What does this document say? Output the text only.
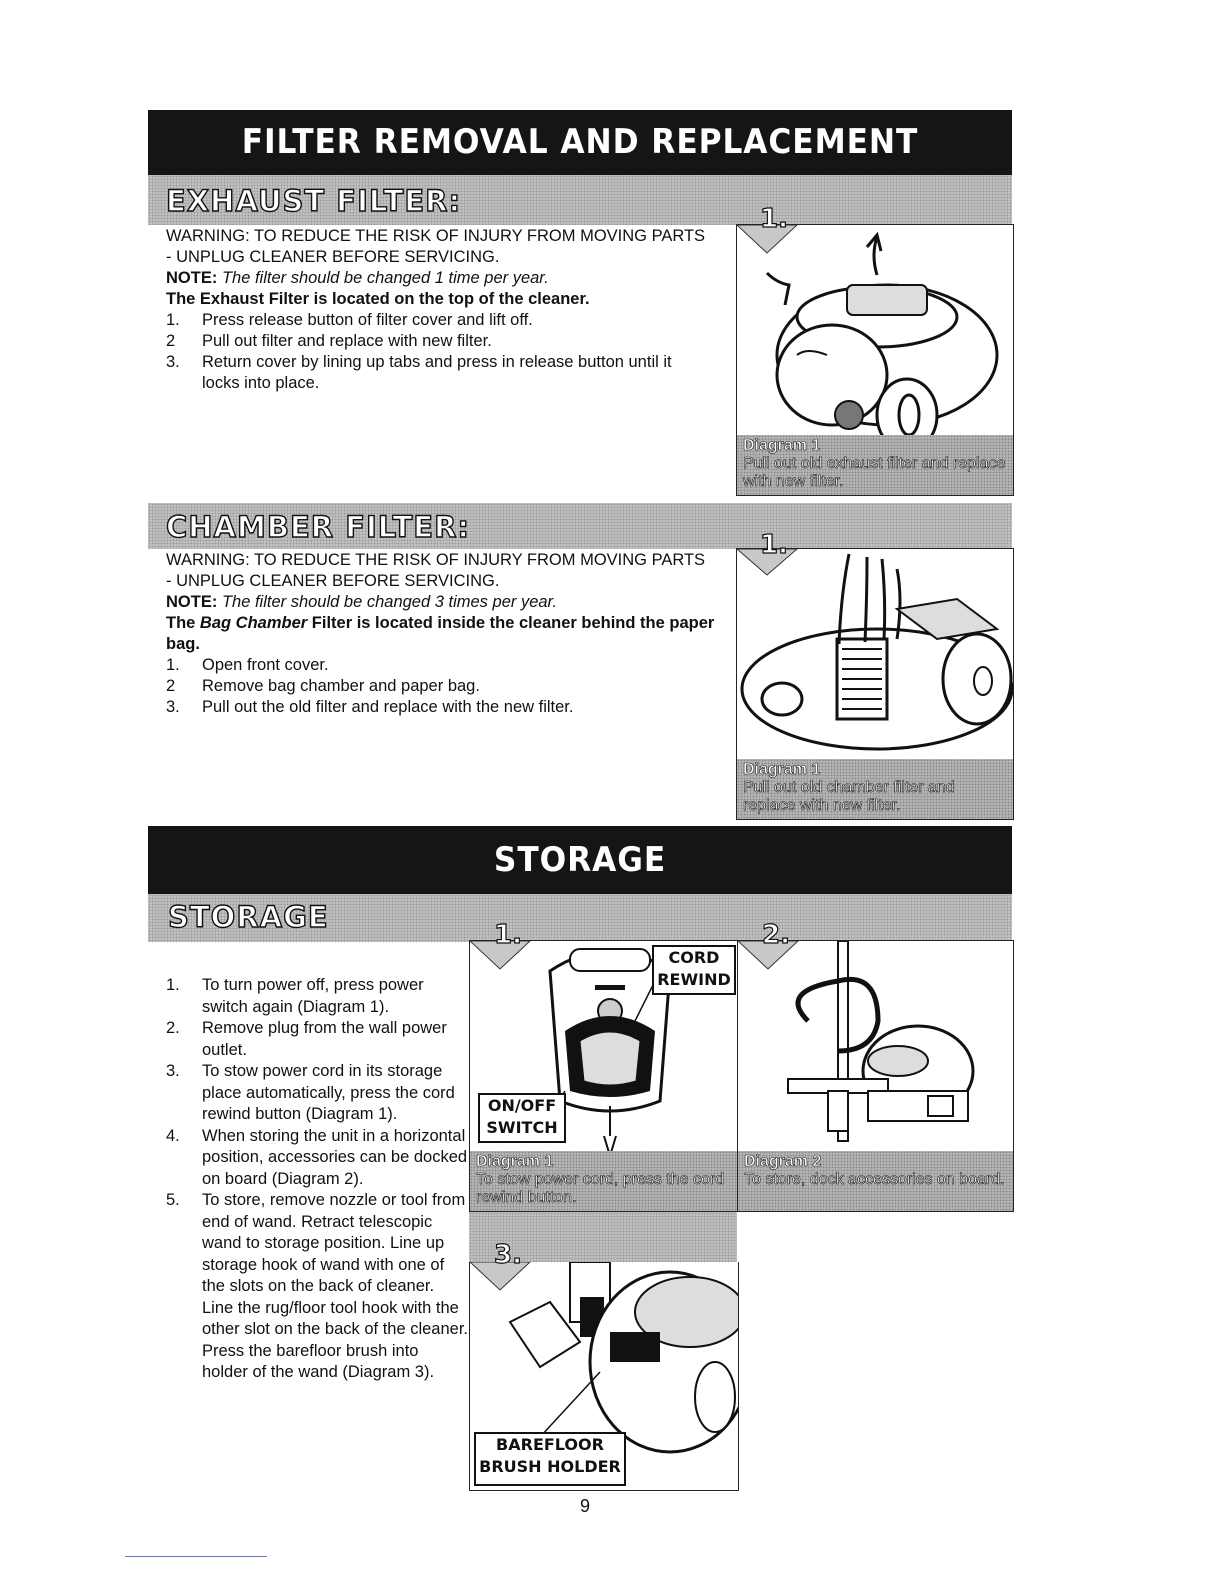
FILTER REMOVAL AND REPLACEMENT
EXHAUST FILTER:

WARNING: TO REDUCE THE RISK OF INJURY FROM MOVING PARTS - UNPLUG CLEANER BEFORE SERVICING.

NOTE: The filter should be changed 1 time per year.

The Exhaust Filter is located on the top of the cleaner.

1. Press release button of filter cover and lift off.
2 Pull out filter and replace with new filter.
3. Return cover by lining up tabs and press in release button until it locks into place.
Diagram 1
Pull out old exhaust filter and replace with new filter.
1.
CHAMBER FILTER:

WARNING: TO REDUCE THE RISK OF INJURY FROM MOVING PARTS - UNPLUG CLEANER BEFORE SERVICING.

NOTE: The filter should be changed 3 times per year.

The Bag Chamber Filter is located inside the cleaner behind the paper bag.

1. Open front cover.
2 Remove bag chamber and paper bag.
3. Pull out the old filter and replace with the new filter.
Diagram 1
Pull out old chamber filter and replace with new filter.
1.
STORAGE
STORAGE
1. To turn power off, press power switch again (Diagram 1).
2. Remove plug from the wall power outlet.
3. To stow power cord in its storage place automatically, press the cord rewind button (Diagram 1).
4. When storing the unit in a horizontal position, accessories can be docked on board (Diagram 2).
5. To store, remove nozzle or tool from end of wand. Retract telescopic wand to storage position. Line up storage hook of wand with one of the slots on the back of cleaner. Line the rug/floor tool hook with the other slot on the back of the cleaner. Press the barefloor brush into holder of the wand (Diagram 3).
CORD
REWIND
ON/OFF
SWITCH
Diagram 1
To stow power cord, press the cord rewind button.
1.
Diagram 2
To store, dock accessories on board.
2.
BAREFLOOR
BRUSH HOLDER
3.
9
